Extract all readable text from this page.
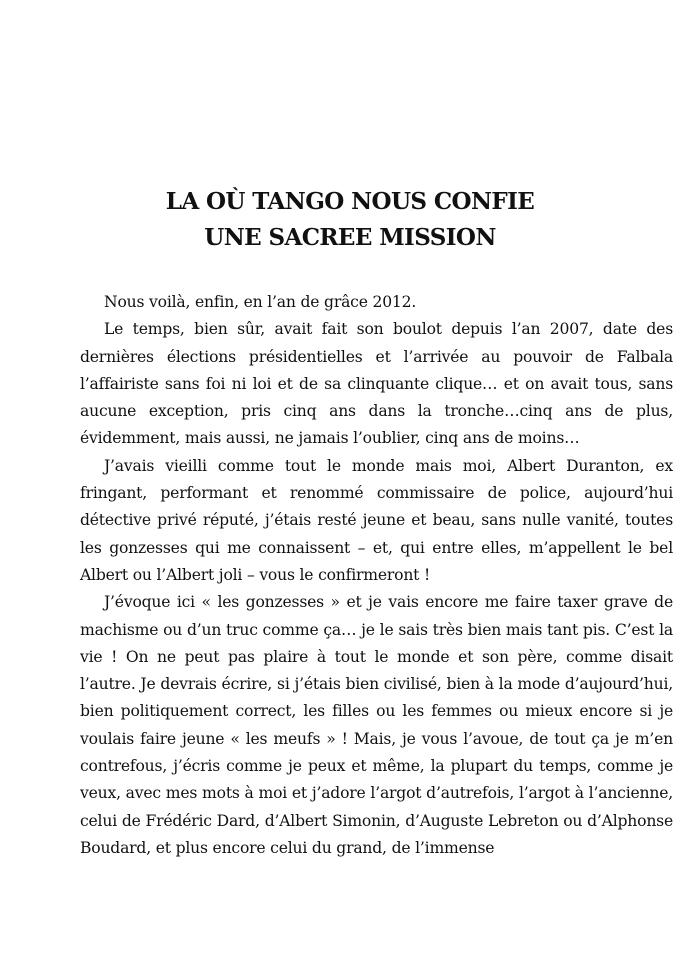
LA OÙ TANGO NOUS CONFIE
UNE SACREE MISSION

Nous voilà, enfin, en l’an de grâce 2012.

Le temps, bien sûr, avait fait son boulot depuis l’an 2007, date des dernières élections présidentielles et l’arrivée au pouvoir de Falbala l’affairiste sans foi ni loi et de sa clinquante clique… et on avait tous, sans aucune exception, pris cinq ans dans la tronche…cinq ans de plus, évidemment, mais aussi, ne jamais l’oublier, cinq ans de moins…

J’avais vieilli comme tout le monde mais moi, Albert Duranton, ex fringant, performant et renommé commissaire de police, aujourd’hui détective privé réputé, j’étais resté jeune et beau, sans nulle vanité, toutes les gonzesses qui me connaissent – et, qui entre elles, m’appellent le bel Albert ou l’Albert joli – vous le confirmeront !

J’évoque ici « les gonzesses » et je vais encore me faire taxer grave de machisme ou d’un truc comme ça… je le sais très bien mais tant pis. C’est la vie ! On ne peut pas plaire à tout le monde et son père, comme disait l’autre. Je devrais écrire, si j’étais bien civilisé, bien à la mode d’aujourd’hui, bien politiquement correct, les filles ou les femmes ou mieux encore si je voulais faire jeune « les meufs » ! Mais, je vous l’avoue, de tout ça je m’en contrefous, j’écris comme je peux et même, la plupart du temps, comme je veux, avec mes mots à moi et j’adore l’argot d’autrefois, l’argot à l’ancienne, celui de Frédéric Dard, d’Albert Simonin, d’Auguste Lebreton ou d’Alphonse Boudard, et plus encore celui du grand, de l’immense
